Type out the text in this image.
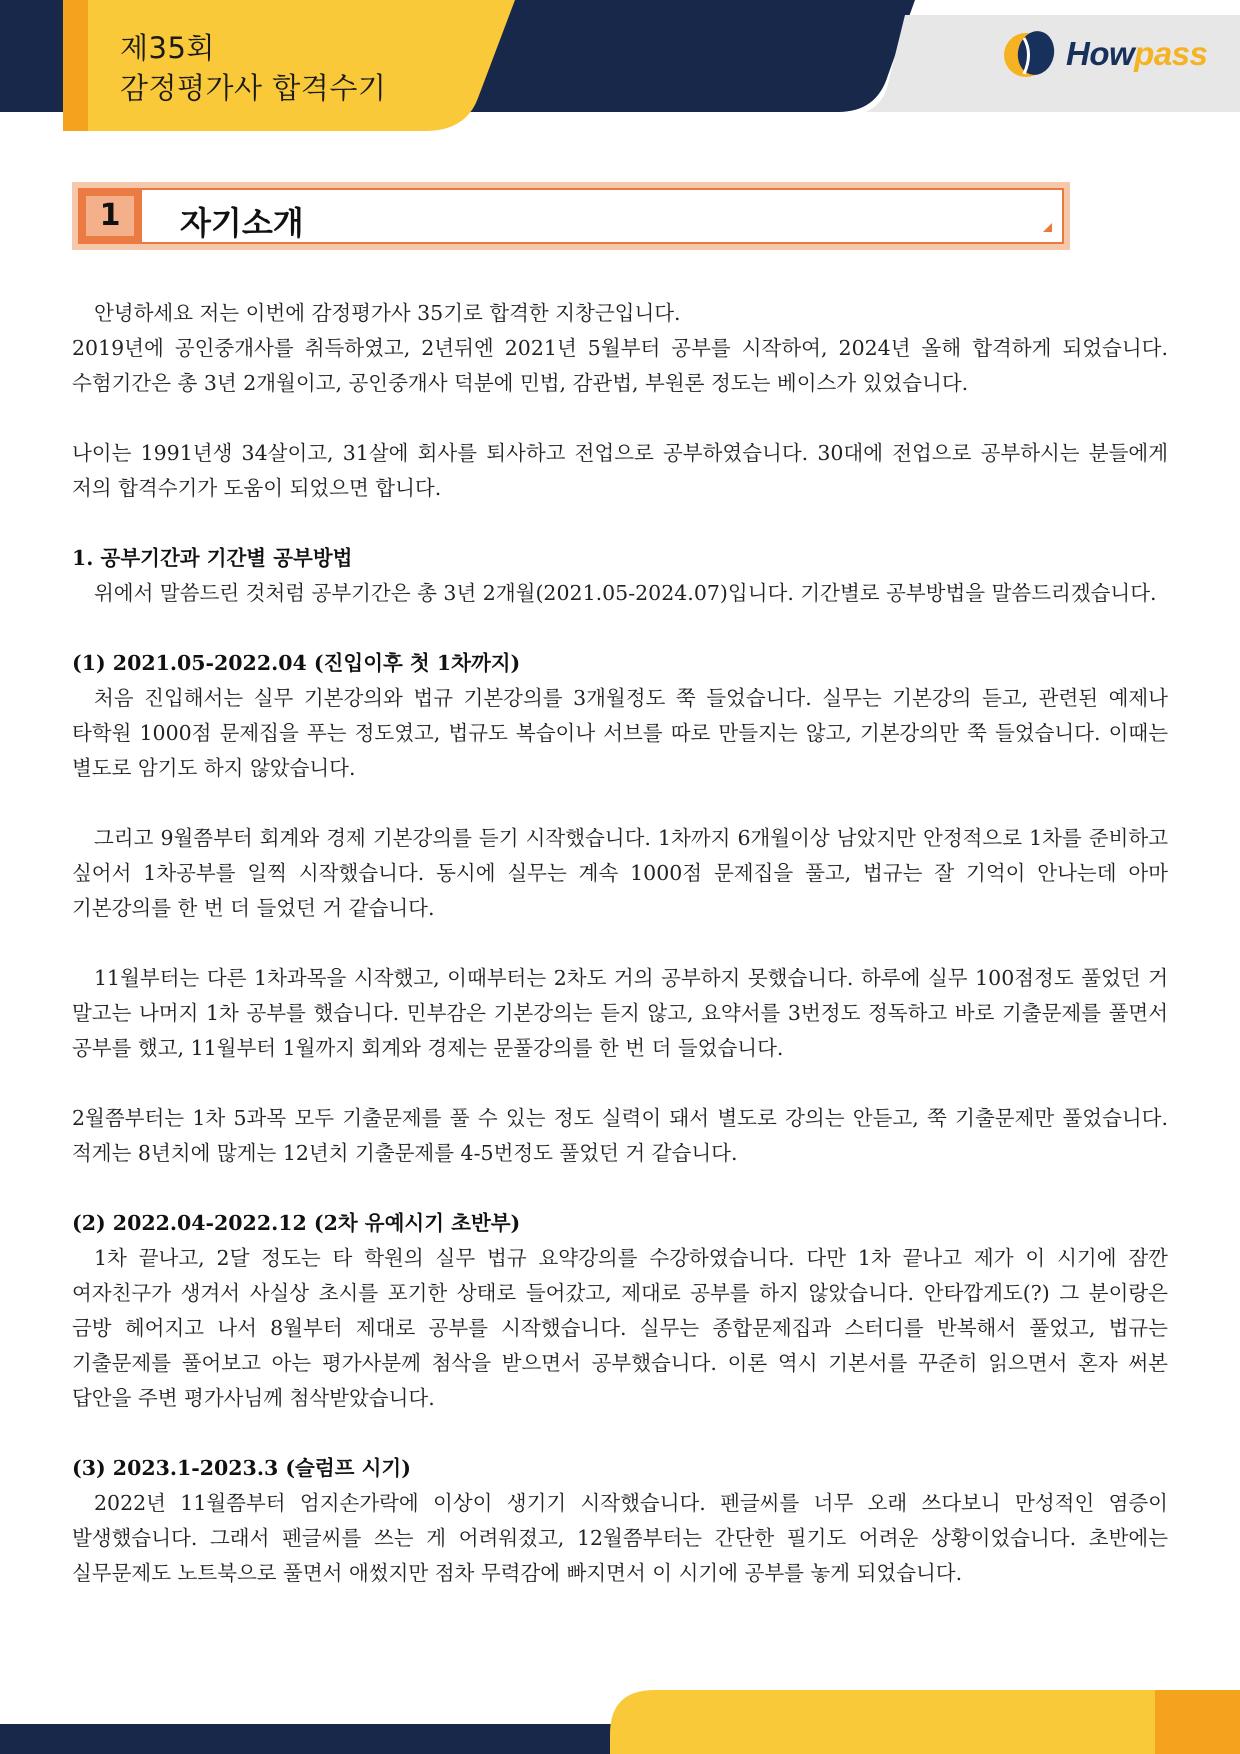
제35회
감정평가사 합격수기
Howpass
자기소개
1

안녕하세요 저는 이번에 감정평가사 35기로 합격한 지창근입니다.

2019년에 공인중개사를 취득하였고, 2년뒤엔 2021년 5월부터 공부를 시작하여, 2024년 올해 합격하게 되었습니다. 수험기간은 총 3년 2개월이고, 공인중개사 덕분에 민법, 감관법, 부원론 정도는 베이스가 있었습니다.

나이는 1991년생 34살이고, 31살에 회사를 퇴사하고 전업으로 공부하였습니다. 30대에 전업으로 공부하시는 분들에게 저의 합격수기가 도움이 되었으면 합니다.

1. 공부기간과 기간별 공부방법

위에서 말씀드린 것처럼 공부기간은 총 3년 2개월(2021.05-2024.07)입니다. 기간별로 공부방법을 말씀드리겠습니다.

(1) 2021.05-2022.04 (진입이후 첫 1차까지)

처음 진입해서는 실무 기본강의와 법규 기본강의를 3개월정도 쭉 들었습니다. 실무는 기본강의 듣고, 관련된 예제나 타학원 1000점 문제집을 푸는 정도였고, 법규도 복습이나 서브를 따로 만들지는 않고, 기본강의만 쭉 들었습니다. 이때는 별도로 암기도 하지 않았습니다.

그리고 9월쯤부터 회계와 경제 기본강의를 듣기 시작했습니다. 1차까지 6개월이상 남았지만 안정적으로 1차를 준비하고 싶어서 1차공부를 일찍 시작했습니다. 동시에 실무는 계속 1000점 문제집을 풀고, 법규는 잘 기억이 안나는데 아마 기본강의를 한 번 더 들었던 거 같습니다.

11월부터는 다른 1차과목을 시작했고, 이때부터는 2차도 거의 공부하지 못했습니다. 하루에 실무 100점정도 풀었던 거 말고는 나머지 1차 공부를 했습니다. 민부감은 기본강의는 듣지 않고, 요약서를 3번정도 정독하고 바로 기출문제를 풀면서 공부를 했고, 11월부터 1월까지 회계와 경제는 문풀강의를 한 번 더 들었습니다.

2월쯤부터는 1차 5과목 모두 기출문제를 풀 수 있는 정도 실력이 돼서 별도로 강의는 안듣고, 쭉 기출문제만 풀었습니다. 적게는 8년치에 많게는 12년치 기출문제를 4-5번정도 풀었던 거 같습니다.

(2) 2022.04-2022.12 (2차 유예시기 초반부)

1차 끝나고, 2달 정도는 타 학원의 실무 법규 요약강의를 수강하였습니다. 다만 1차 끝나고 제가 이 시기에 잠깐 여자친구가 생겨서 사실상 초시를 포기한 상태로 들어갔고, 제대로 공부를 하지 않았습니다. 안타깝게도(?) 그 분이랑은 금방 헤어지고 나서 8월부터 제대로 공부를 시작했습니다. 실무는 종합문제집과 스터디를 반복해서 풀었고, 법규는 기출문제를 풀어보고 아는 평가사분께 첨삭을 받으면서 공부했습니다. 이론 역시 기본서를 꾸준히 읽으면서 혼자 써본 답안을 주변 평가사님께 첨삭받았습니다.

(3) 2023.1-2023.3 (슬럼프 시기)

2022년 11월쯤부터 엄지손가락에 이상이 생기기 시작했습니다. 펜글씨를 너무 오래 쓰다보니 만성적인 염증이 발생했습니다. 그래서 펜글씨를 쓰는 게 어려워졌고, 12월쯤부터는 간단한 필기도 어려운 상황이었습니다. 초반에는 실무문제도 노트북으로 풀면서 애썼지만 점차 무력감에 빠지면서 이 시기에 공부를 놓게 되었습니다.
